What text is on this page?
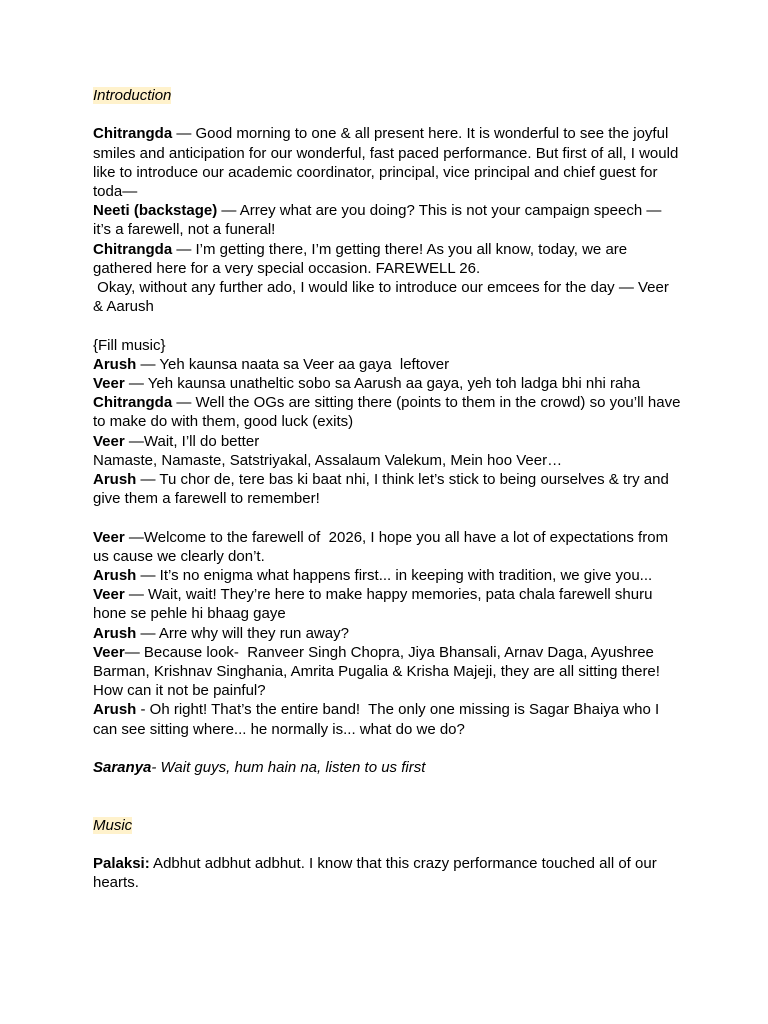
Introduction

Chitrangda — Good morning to one & all present here. It is wonderful to see the joyful smiles and anticipation for our wonderful, fast paced performance. But first of all, I would like to introduce our academic coordinator, principal, vice principal and chief guest for toda—

Neeti (backstage) — Arrey what are you doing? This is not your campaign speech — it’s a farewell, not a funeral!

Chitrangda — I’m getting there, I’m getting there! As you all know, today, we are gathered here for a very special occasion. FAREWELL 26.

Okay, without any further ado, I would like to introduce our emcees for the day — Veer & Aarush

{Fill music}

Arush — Yeh kaunsa naata sa Veer aa gaya  leftover

Veer — Yeh kaunsa unatheltic sobo sa Aarush aa gaya, yeh toh ladga bhi nhi raha

Chitrangda — Well the OGs are sitting there (points to them in the crowd) so you’ll have to make do with them, good luck (exits)

Veer —Wait, I’ll do better

Namaste, Namaste, Satstriyakal, Assalaum Valekum, Mein hoo Veer…

Arush — Tu chor de, tere bas ki baat nhi, I think let’s stick to being ourselves & try and give them a farewell to remember!

Veer —Welcome to the farewell of  2026, I hope you all have a lot of expectations from us cause we clearly don’t.

Arush — It’s no enigma what happens first... in keeping with tradition, we give you...

Veer — Wait, wait! They’re here to make happy memories, pata chala farewell shuru hone se pehle hi bhaag gaye

Arush — Arre why will they run away?

Veer— Because look-  Ranveer Singh Chopra, Jiya Bhansali, Arnav Daga, Ayushree Barman, Krishnav Singhania, Amrita Pugalia & Krisha Majeji, they are all sitting there! How can it not be painful?

Arush - Oh right! That’s the entire band!  The only one missing is Sagar Bhaiya who I can see sitting where... he normally is... what do we do?

Saranya- Wait guys, hum hain na, listen to us first

Music

Palaksi: Adbhut adbhut adbhut. I know that this crazy performance touched all of our hearts.
